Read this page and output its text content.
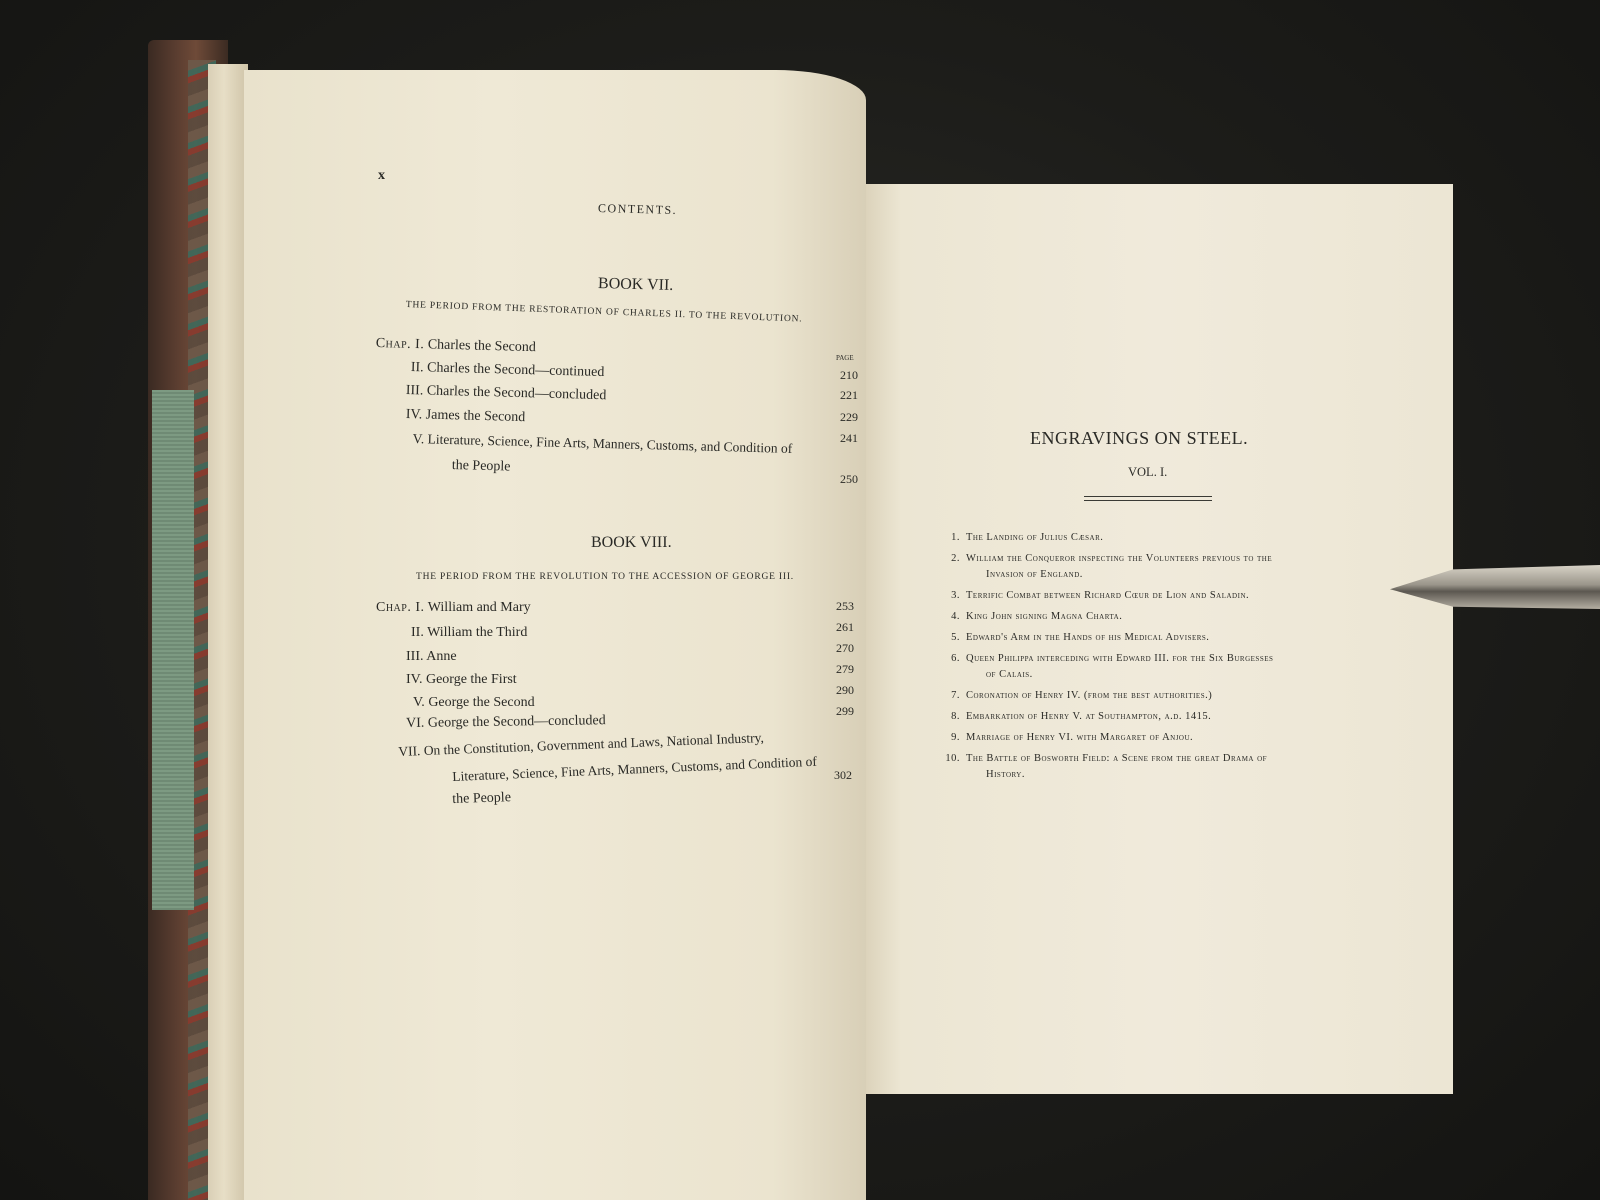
x
CONTENTS.
BOOK VII.
THE PERIOD FROM THE RESTORATION OF CHARLES II. TO THE REVOLUTION.
PAGE
Chap. I. Charles the Second
210
II. Charles the Second—continued
221
III. Charles the Second—concluded
229
IV. James the Second
241
V. Literature, Science, Fine Arts, Manners, Customs, and Condition of
the People
250
BOOK VIII.
THE PERIOD FROM THE REVOLUTION TO THE ACCESSION OF GEORGE III.
Chap. I. William and Mary	253
II. William the Third	261
III. Anne
270
IV. George the First
279
V. George the Second
290
VI. George the Second—concluded
299
VII. On the Constitution, Government and Laws, National Industry,
Literature, Science, Fine Arts, Manners, Customs, and Condition of
the People
302
ENGRAVINGS ON STEEL.
VOL. I.
1. The Landing of Julius Cæsar.
2. William the Conqueror inspecting the Volunteers previous to the
Invasion of England.
3. Terrific Combat between Richard Cœur de Lion and Saladin.
4. King John signing Magna Charta.
5. Edward's Arm in the Hands of his Medical Advisers.
6. Queen Philippa interceding with Edward III. for the Six Burgesses
of Calais.
7. Coronation of Henry IV. (from the best authorities.)
8. Embarkation of Henry V. at Southampton, a.d. 1415.
9. Marriage of Henry VI. with Margaret of Anjou.
10. The Battle of Bosworth Field: a Scene from the great Drama of
History.
